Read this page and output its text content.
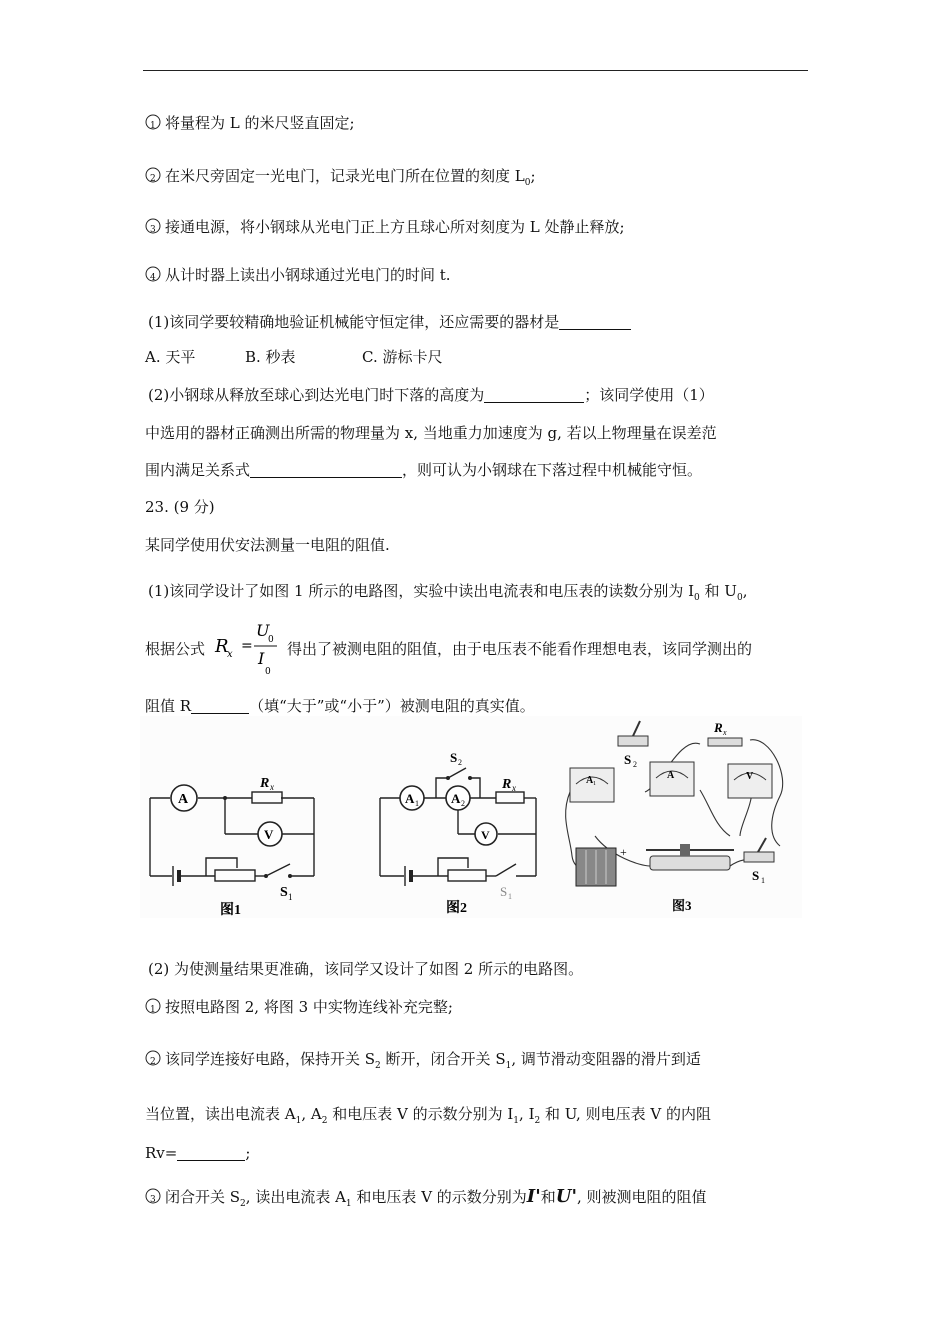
1 将量程为 L 的米尺竖直固定;
2 在米尺旁固定一光电门，记录光电门所在位置的刻度 $L_0$;
3 接通电源，将小钢球从光电门正上方且球心所对刻度为 L 处静止释放;
4 从计时器上读出小钢球通过光电门的时间 t.
(1)该同学要较精确地验证机械能守恒定律，还应需要的器材是
A. 天平	B. 秒表	C. 游标卡尺
(2)小钢球从释放至球心到达光电门时下落的高度为	；该同学使用（1）
中选用的器材正确测出所需的物理量为 x, 当地重力加速度为 g, 若以上物理量在误差范
围内满足关系式	，则可认为小钢球在下落过程中机械能守恒。
23. (9 分)
某同学使用伏安法测量一电阻的阻值.
(1)该同学设计了如图 1 所示的电路图，实验中读出电流表和电压表的读数分别为 $I_0$ 和 $U_0$,
根据公式 R
x
=
U
0
I
0
得出了被测电阻的阻值，由于电压表不能看作理想电表，该同学测出的
阻值 R	（填“大于”或“小于”）被测电阻的真实值。
A
V
R x
S 1
图1
A 1 A 2
V
R x
S 2
S 1
图2
S 2
R x
A 1
A	V
+
S 1
图3
(2) 为使测量结果更准确，该同学又设计了如图 2 所示的电路图。
1 按照电路图 2, 将图 3 中实物连线补充完整;
2 该同学连接好电路，保持开关 $S_2$ 断开，闭合开关 $S_1$, 调节滑动变阻器的滑片到适
当位置，读出电流表 $A_1$, $A_2$ 和电压表 V 的示数分别为 $I_1$, $I_2$ 和 U, 则电压表 V 的内阻
Rv=	;
3 闭合开关 $S_2$, 读出电流表 $A_1$ 和电压表 V 的示数分别为I'和U', 则被测电阻的阻值
